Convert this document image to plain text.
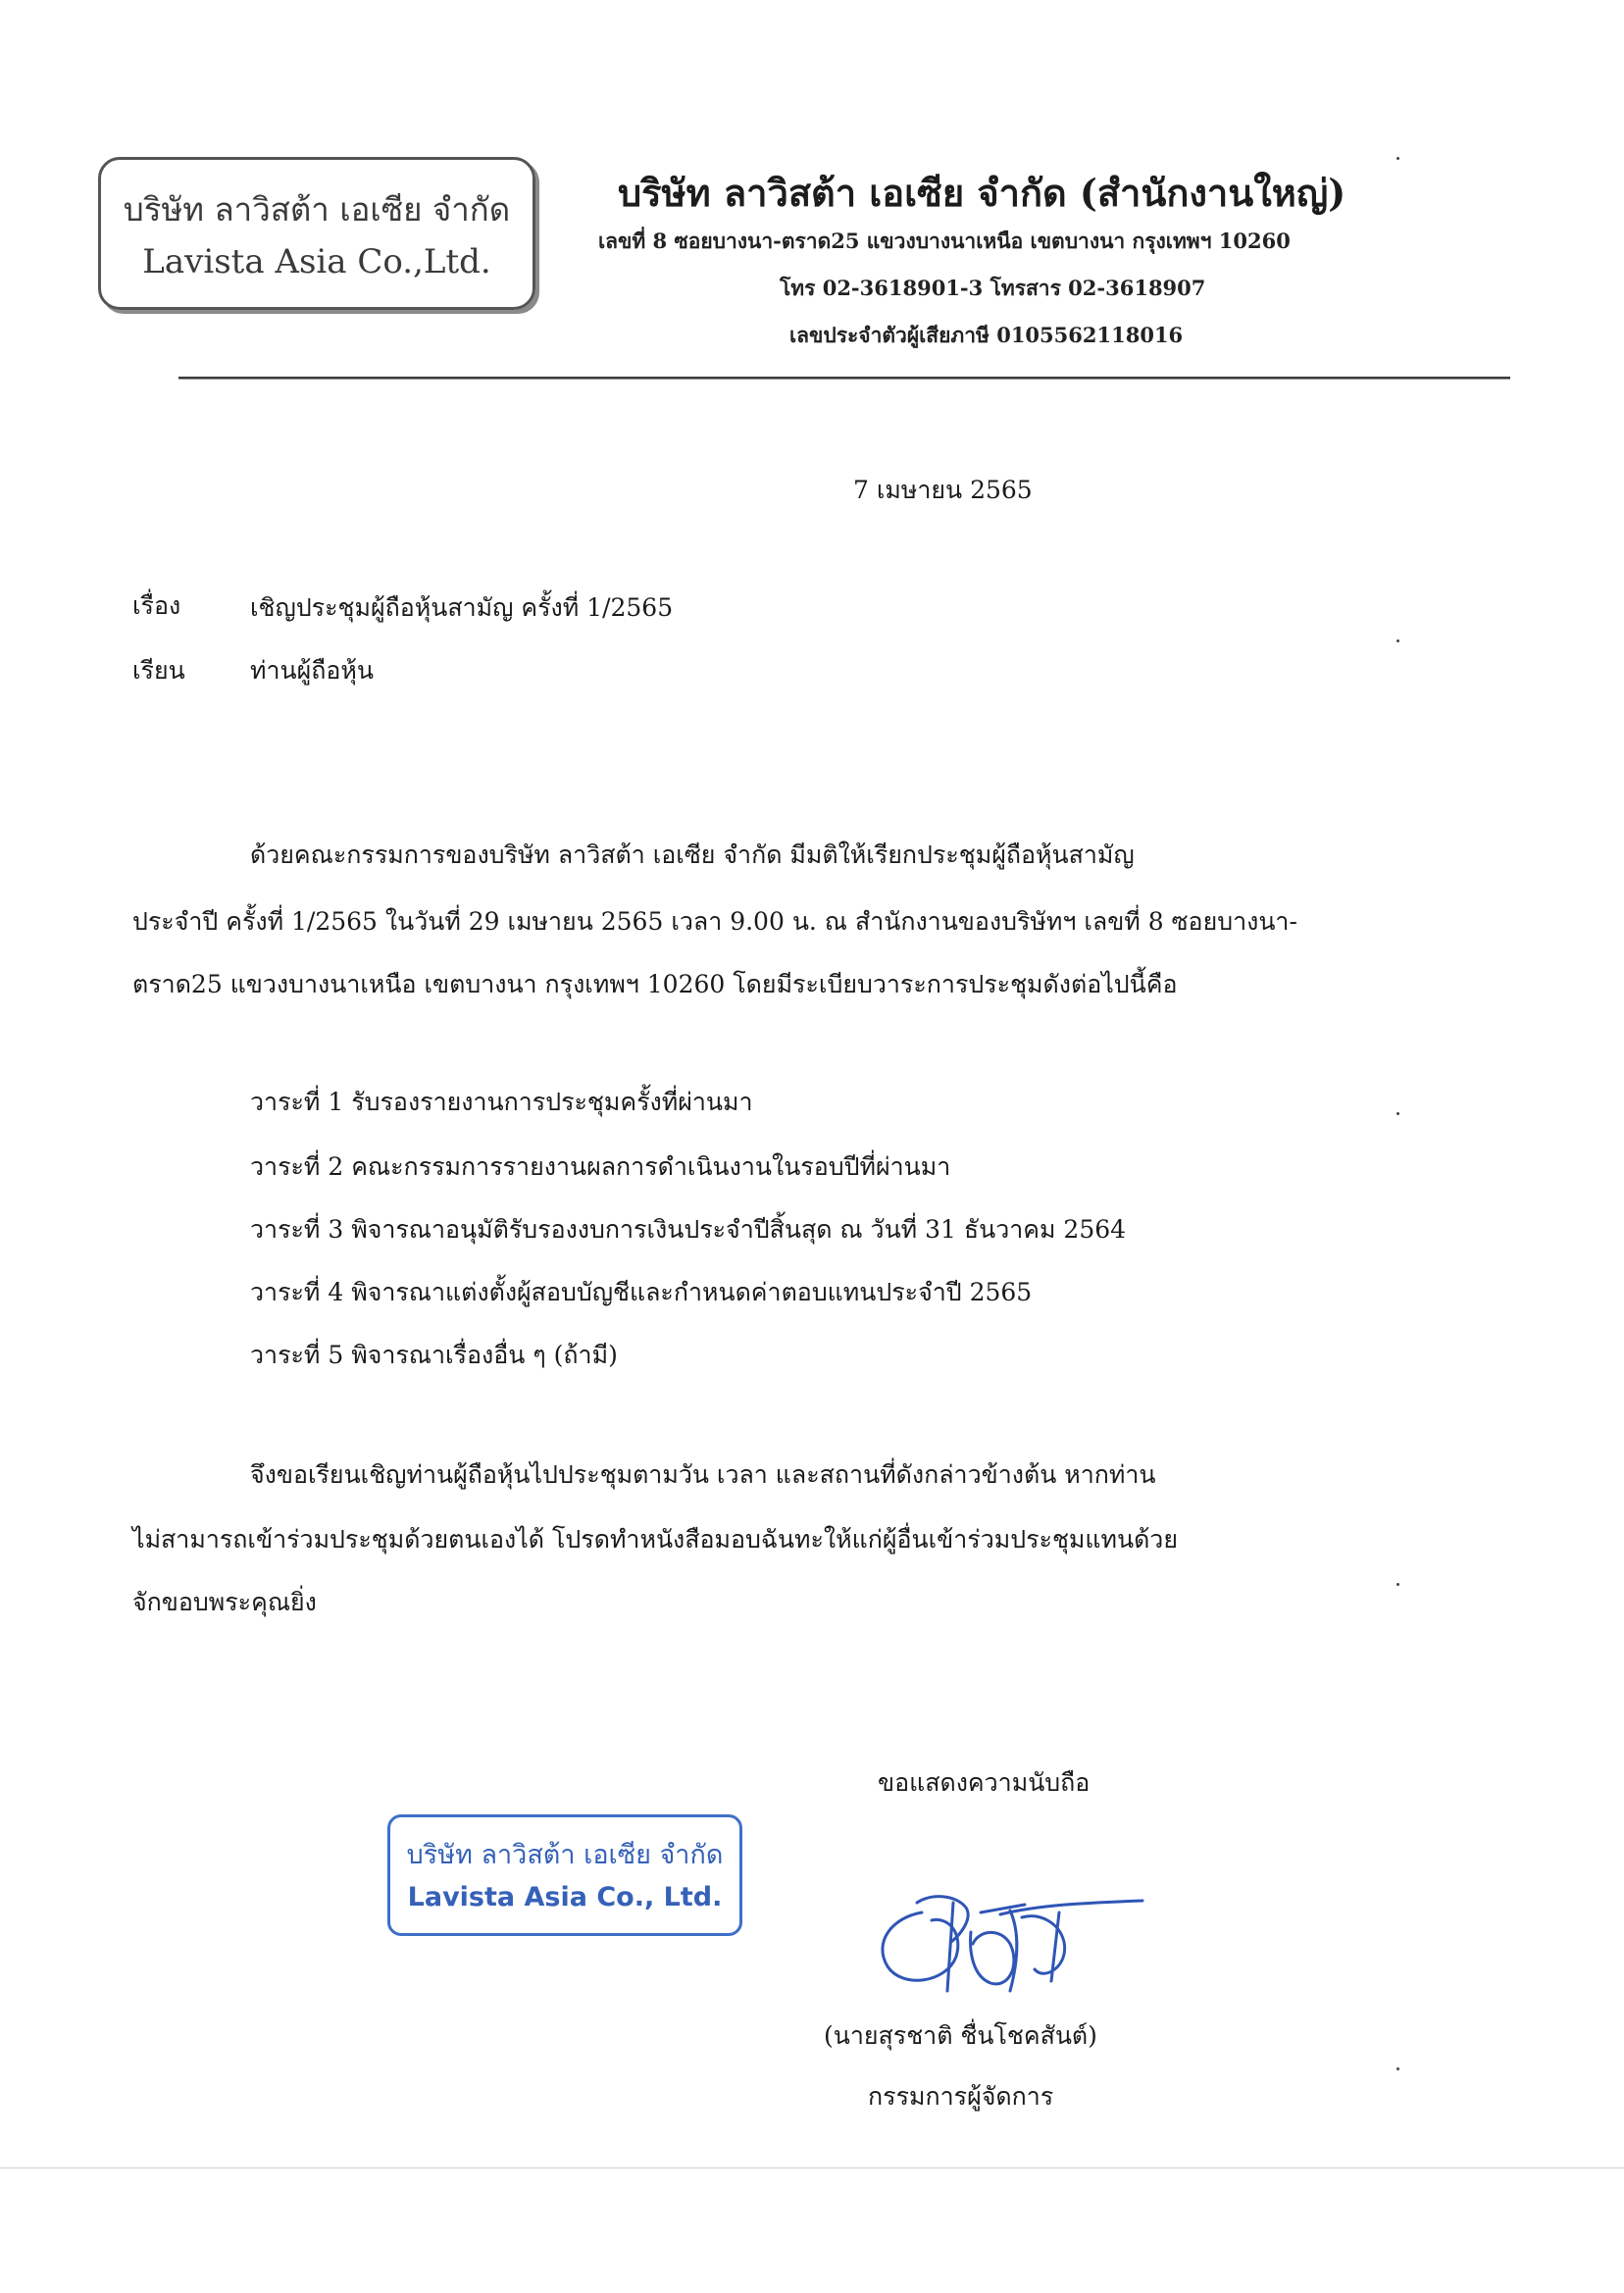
บริษัท ลาวิสต้า เอเซีย จำกัด
Lavista Asia Co.,Ltd.
บริษัท ลาวิสต้า เอเซีย จำกัด (สำนักงานใหญ่)
เลขที่ 8 ซอยบางนา-ตราด25 แขวงบางนาเหนือ เขตบางนา กรุงเทพฯ 10260
โทร 02-3618901-3 โทรสาร 02-3618907
เลขประจำตัวผู้เสียภาษี 0105562118016
7 เมษายน 2565
เรื่อง	เชิญประชุมผู้ถือหุ้นสามัญ ครั้งที่ 1/2565
เรียน	ท่านผู้ถือหุ้น
ด้วยคณะกรรมการของบริษัท ลาวิสต้า เอเซีย จำกัด มีมติให้เรียกประชุมผู้ถือหุ้นสามัญ
ประจำปี ครั้งที่ 1/2565 ในวันที่ 29 เมษายน 2565 เวลา 9.00 น. ณ สำนักงานของบริษัทฯ เลขที่ 8 ซอยบางนา-
ตราด25 แขวงบางนาเหนือ เขตบางนา กรุงเทพฯ 10260 โดยมีระเบียบวาระการประชุมดังต่อไปนี้คือ
วาระที่ 1 รับรองรายงานการประชุมครั้งที่ผ่านมา
วาระที่ 2 คณะกรรมการรายงานผลการดำเนินงานในรอบปีที่ผ่านมา
วาระที่ 3 พิจารณาอนุมัติรับรองงบการเงินประจำปีสิ้นสุด ณ วันที่ 31 ธันวาคม 2564
วาระที่ 4 พิจารณาแต่งตั้งผู้สอบบัญชีและกำหนดค่าตอบแทนประจำปี 2565
วาระที่ 5 พิจารณาเรื่องอื่น ๆ (ถ้ามี)
จึงขอเรียนเชิญท่านผู้ถือหุ้นไปประชุมตามวัน เวลา และสถานที่ดังกล่าวข้างต้น หากท่าน
ไม่สามารถเข้าร่วมประชุมด้วยตนเองได้ โปรดทำหนังสือมอบฉันทะให้แก่ผู้อื่นเข้าร่วมประชุมแทนด้วย
จักขอบพระคุณยิ่ง
ขอแสดงความนับถือ
บริษัท ลาวิสต้า เอเซีย จำกัด
Lavista Asia Co., Ltd.
(นายสุรชาติ ชื่นโชคสันต์)
กรรมการผู้จัดการ
